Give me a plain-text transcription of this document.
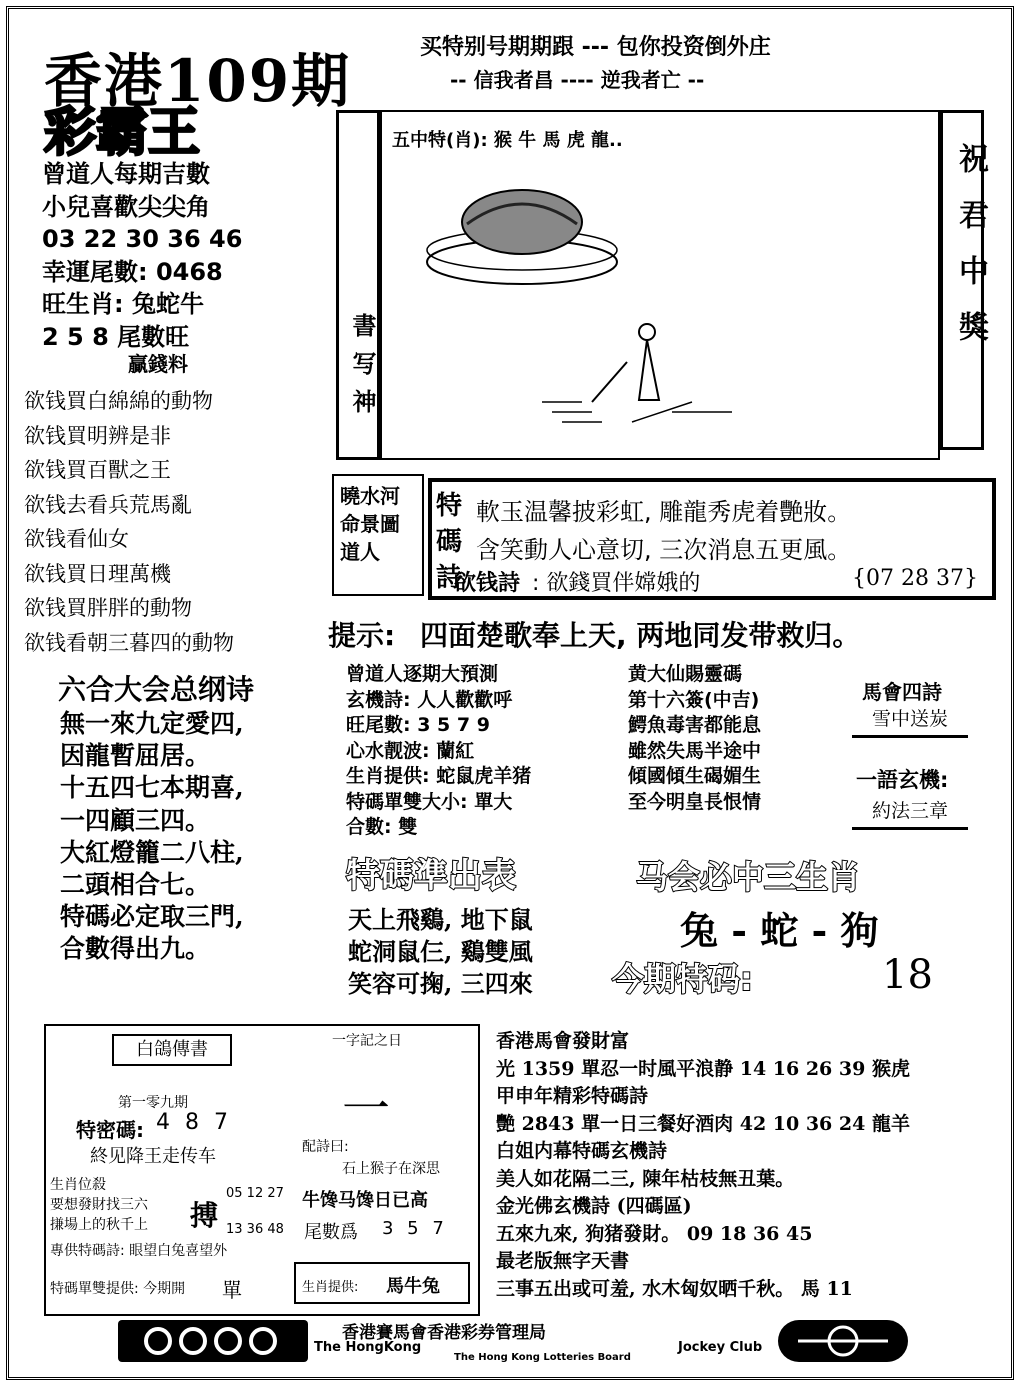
香港109期
彩霸王
买特别号期期跟 --- 包你投资倒外庄
-- 信我者昌 ---- 逆我者亡 --
曾道人每期吉數
小兒喜歡尖尖角
03 22 30 36 46
幸運尾數: 0468
旺生肖: 兔蛇牛
2 5 8 尾數旺
贏錢料
欲钱買白綿綿的動物
欲钱買明辨是非
欲钱買百獸之王
欲钱去看兵荒馬亂
欲钱看仙女
欲钱買日理萬機
欲钱買胖胖的動物
欲钱看朝三暮四的動物
書写神
五中特(肖): 猴 牛 馬 虎 龍..
祝君中獎
曉水河 命景圖 道人
特
碼
詩
軟玉温馨披彩虹, 雕龍秀虎着艷妝。
含笑動人心意切, 三次消息五更風。
欲钱詩 : 欲錢買伴嫦娥的	{07 28 37}
提示: 四面楚歌奉上天, 两地同发带救归。
六合大会总纲诗
無一來九定愛四,
因龍暫屈居。
十五四七本期喜,
一四顧三四。
大紅燈籠二八柱,
二頭相合七。
特碼必定取三門,
合數得出九。
曾道人逐期大預測
玄機詩: 人人歡歡呼
旺尾數: 3 5 7 9
心水靓波: 蘭紅
生肖提供: 蛇鼠虎羊猪
特碼單雙大小: 單大
合數: 雙
黄大仙賜靈碼
第十六簽(中吉)
鰐魚毒害都能息
雖然失馬半途中
傾國傾生碣媚生
至今明皇長恨情
馬會四詩
雪中送炭
一語玄機:
約法三章
特碼準出表
天上飛鷄, 地下鼠
蛇洞鼠仨, 鷄雙風
笑容可掬, 三四來
马会必中三生肖
兔 - 蛇 - 狗
今期特码:	18
白鴿傳書
第一零九期
特密碼: 4 8 7
終见降王走传车
生肖位殺
要想發財找三六
搛場上的秋千上 搏
05 12 27
13 36 48
專供特碼詩: 眼望白兔喜望外
特碼單雙提供: 今期開 單
一字記之日
一
配詩曰:
石上猴子在深思
牛馋马馋日已高
尾數爲 3 5 7
生肖提供: 馬牛兔
香港馬會發財富
光 1359 單忍一时風平浪静 14 16 26 39 猴虎
甲申年精彩特碼詩
艷 2843 單一日三餐好酒肉 42 10 36 24 龍羊
白姐内幕特碼玄機詩
美人如花隔二三, 陳年枯枝無丑葉。
金光佛玄機詩 (四碼區)
五來九來, 狗猪發財。 09 18 36 45
最老版無字天書
三事五出或可羞, 水木匈奴晒千秋。 馬 11
香港賽馬會香港彩券管理局
The HongKong	Jockey Club
The Hong Kong Lotteries Board
